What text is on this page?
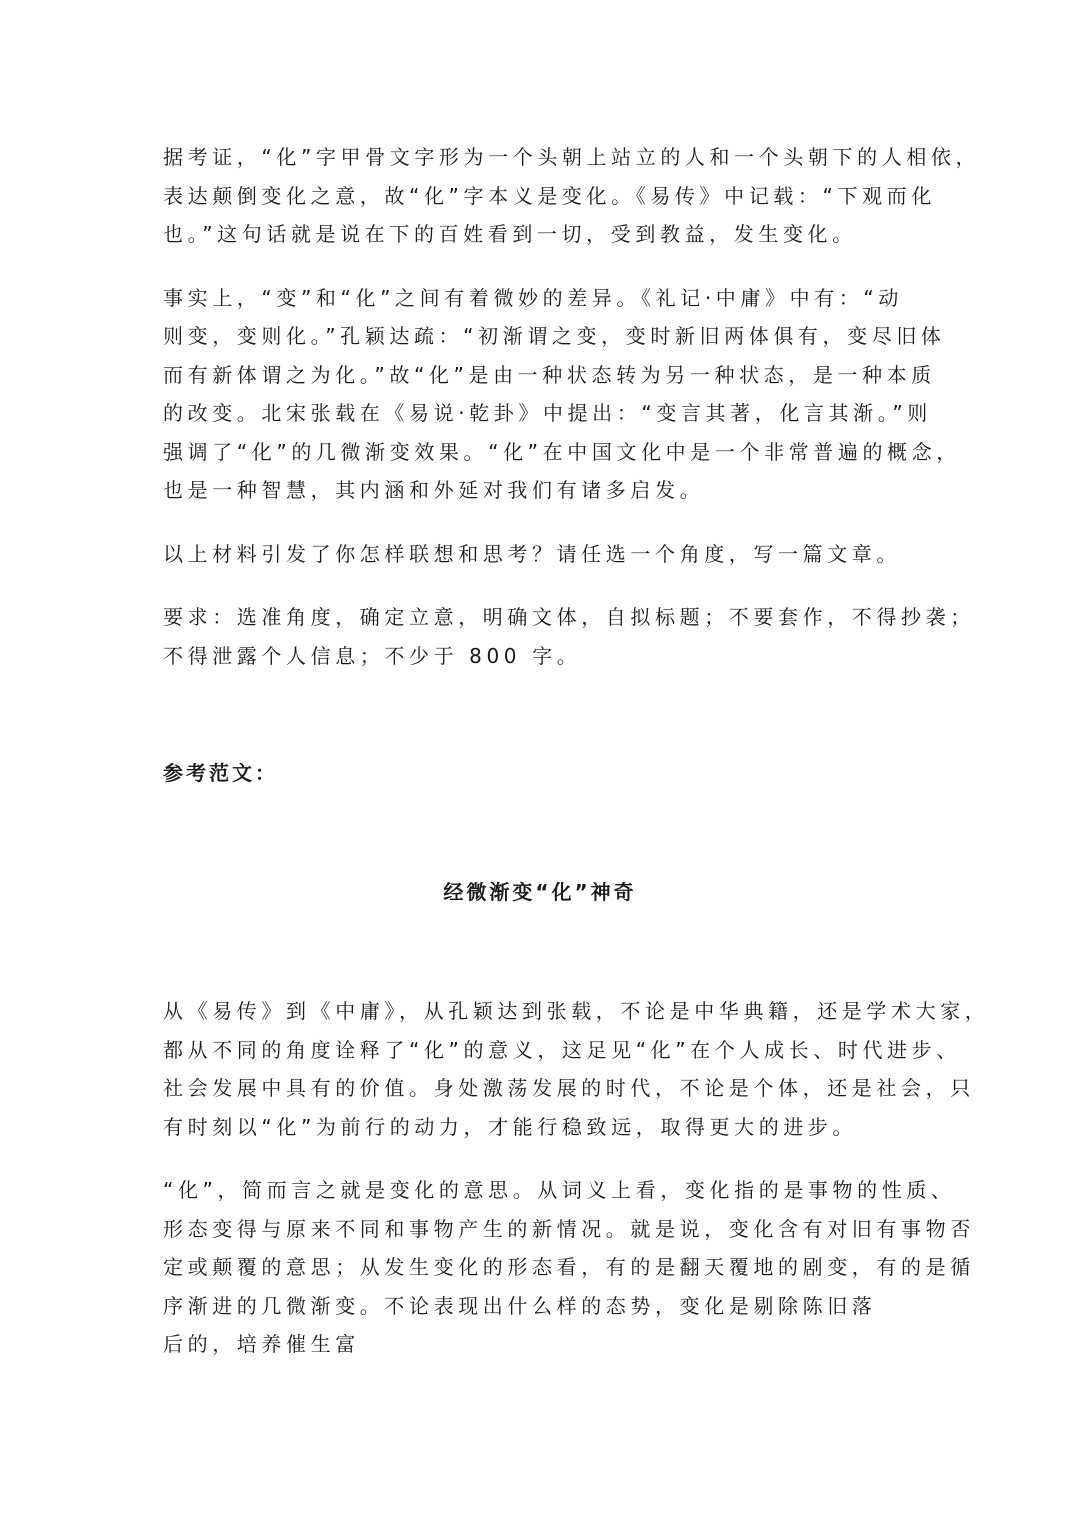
据考证，“化”字甲骨文字形为一个头朝上站立的人和一个头朝下的人相依，
表达颠倒变化之意，故“化”字本义是变化。《易传》中记载：“下观而化
也。”这句话就是说在下的百姓看到一切，受到教益，发生变化。

事实上，“变”和“化”之间有着微妙的差异。《礼记·中庸》中有：“动
则变，变则化。”孔颖达疏：“初渐谓之变，变时新旧两体俱有，变尽旧体
而有新体谓之为化。”故“化”是由一种状态转为另一种状态，是一种本质
的改变。北宋张载在《易说·乾卦》中提出：“变言其著，化言其渐。”则
强调了“化”的几微渐变效果。“化”在中国文化中是一个非常普遍的概念，
也是一种智慧，其内涵和外延对我们有诸多启发。

以上材料引发了你怎样联想和思考？请任选一个角度，写一篇文章。

要求：选准角度，确定立意，明确文体，自拟标题；不要套作，不得抄袭；
不得泄露个人信息；不少于 800 字。

参考范文：

经微渐变“化”神奇

从《易传》到《中庸》，从孔颖达到张载，不论是中华典籍，还是学术大家，
都从不同的角度诠释了“化”的意义，这足见“化”在个人成长、时代进步、
社会发展中具有的价值。身处激荡发展的时代，不论是个体，还是社会，只
有时刻以“化”为前行的动力，才能行稳致远，取得更大的进步。

“化”，简而言之就是变化的意思。从词义上看，变化指的是事物的性质、
形态变得与原来不同和事物产生的新情况。就是说，变化含有对旧有事物否
定或颠覆的意思；从发生变化的形态看，有的是翻天覆地的剧变，有的是循
序渐进的几微渐变。不论表现出什么样的态势，变化是剔除陈旧落
后的，培养催生富
